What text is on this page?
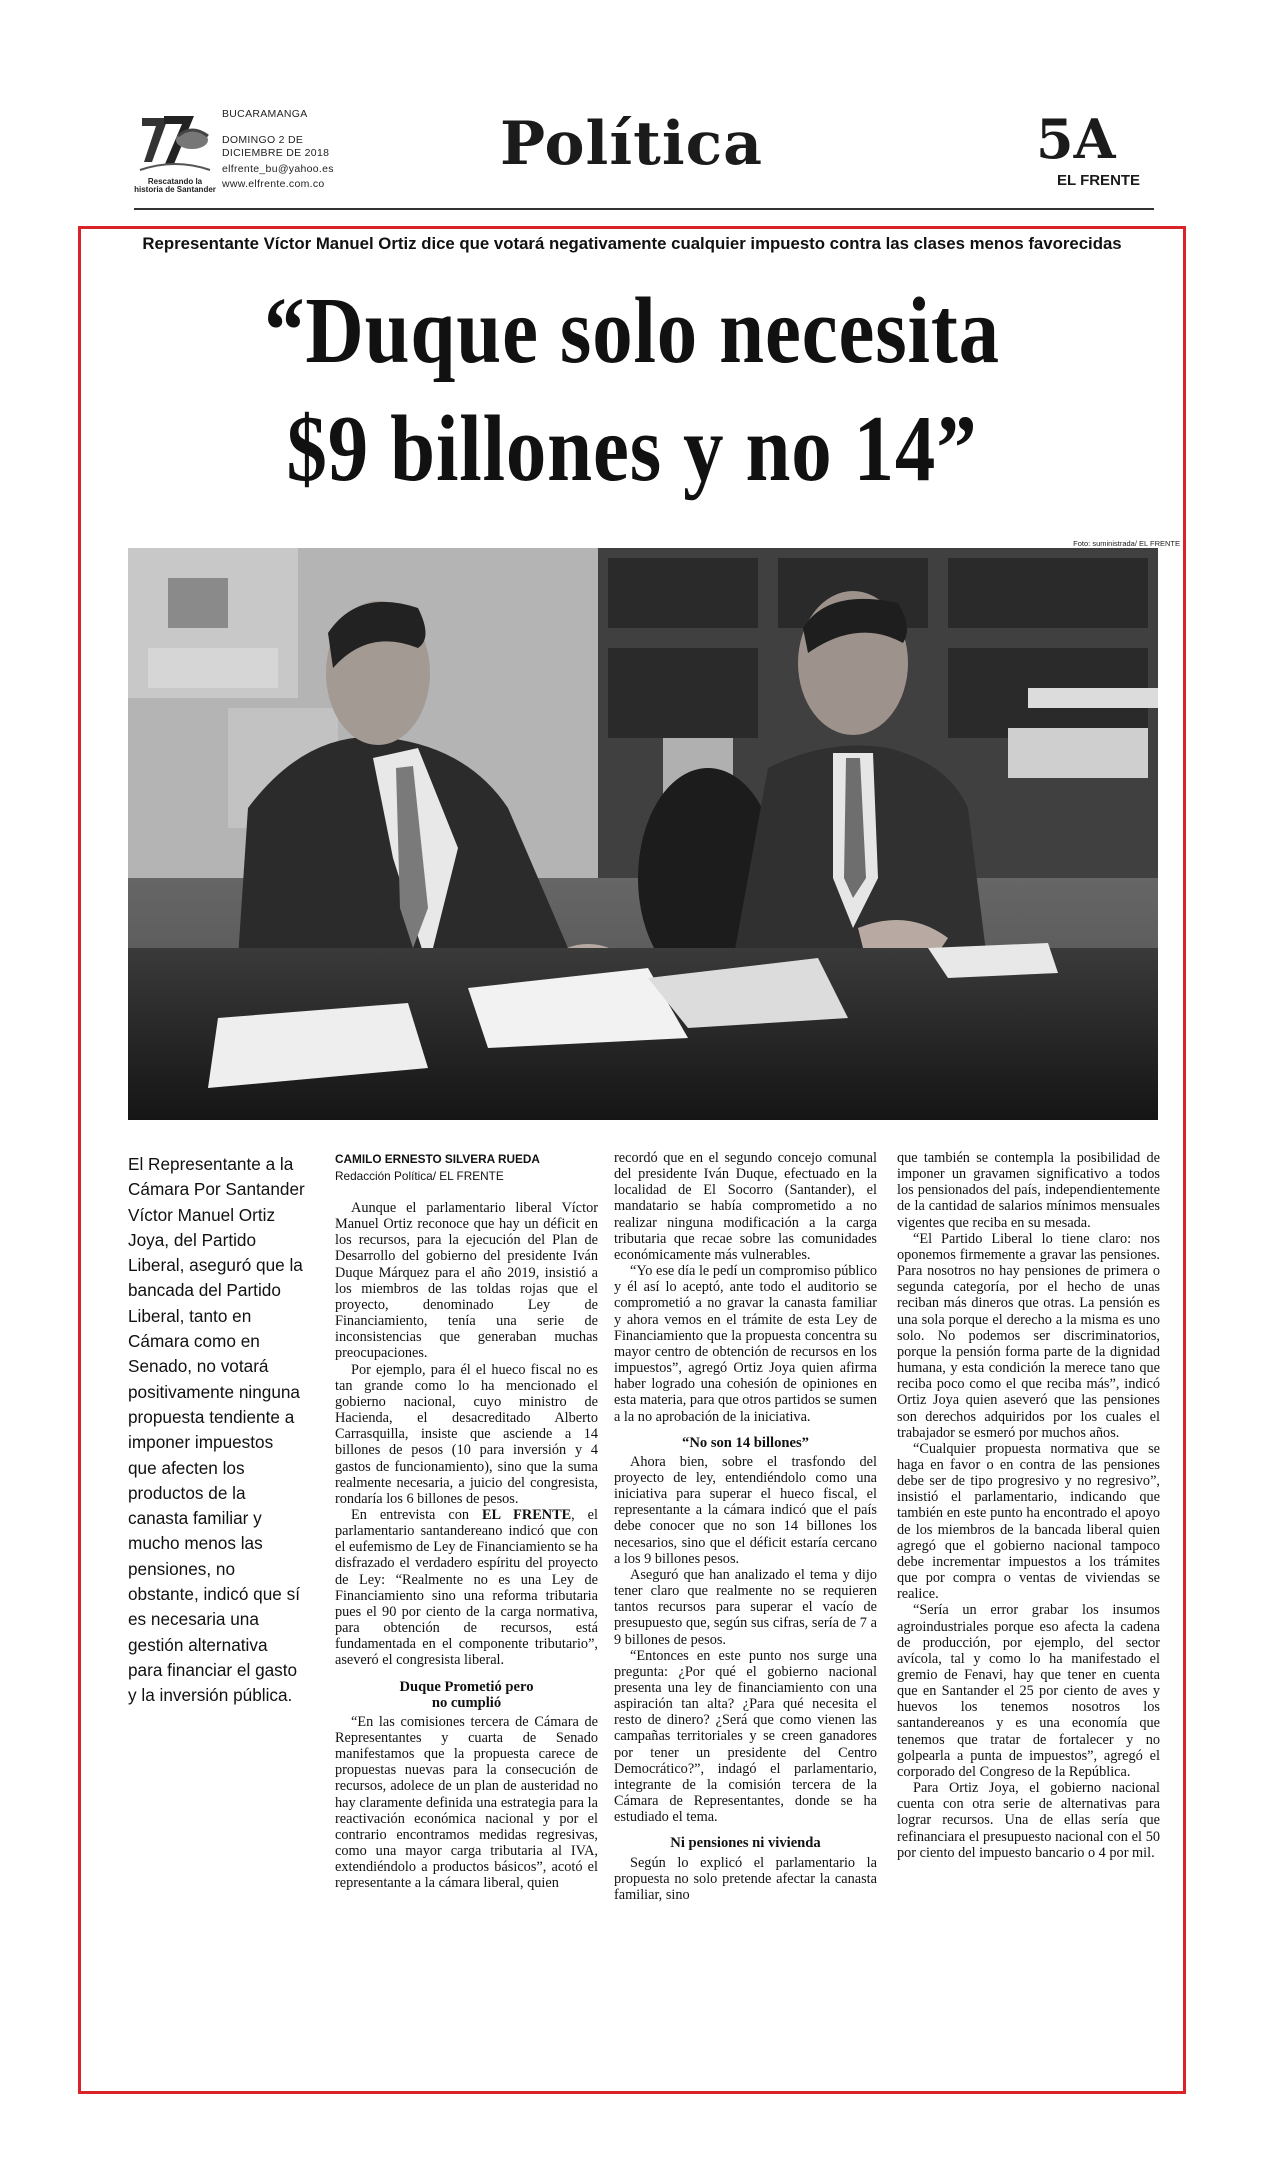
Rescatando la historia de Santander
BUCARAMANGA
DOMINGO 2 DE DICIEMBRE DE 2018
elfrente_bu@yahoo.es
www.elfrente.com.co
Política	5A
EL FRENTE
Representante Víctor Manuel Ortiz dice que votará negativamente cualquier impuesto contra las clases menos favorecidas
“Duque solo necesita
$9 billones y no 14”
Foto: suministrada/ EL FRENTE
El Representante a la Cámara Por Santander Víctor Manuel Ortiz Joya, del Partido Liberal, aseguró que la bancada del Partido Liberal, tanto en Cámara como en Senado, no votará positivamente ninguna propuesta tendiente a imponer impuestos que afecten los productos de la canasta familiar y mucho menos las pensiones, no obstante, indicó que sí es necesaria una gestión alternativa para financiar el gasto y la inversión pública.
CAMILO ERNESTO SILVERA RUEDA
Redacción Política/ EL FRENTE

Aunque el parlamentario liberal Víctor Manuel Ortiz reconoce que hay un déficit en los recursos, para la ejecución del Plan de Desarrollo del gobierno del presidente Iván Duque Márquez para el año 2019, insistió a los miembros de las toldas rojas que el proyecto, denominado Ley de Financiamiento, tenía una serie de inconsistencias que generaban muchas preocupaciones.

Por ejemplo, para él el hueco fiscal no es tan grande como lo ha mencionado el gobierno nacional, cuyo ministro de Hacienda, el desacreditado Alberto Carrasquilla, insiste que asciende a 14 billones de pesos (10 para inversión y 4 gastos de funcionamiento), sino que la suma realmente necesaria, a juicio del congresista, rondaría los 6 billones de pesos.

En entrevista con EL FRENTE, el parlamentario santandereano indicó que con el eufemismo de Ley de Financiamiento se ha disfrazado el verdadero espíritu del proyecto de Ley: “Realmente no es una Ley de Financiamiento sino una reforma tributaria pues el 90 por ciento de la carga normativa, para obtención de recursos, está fundamentada en el componente tributario”, aseveró el congresista liberal.

Duque Prometió pero no cumplió

“En las comisiones tercera de Cámara de Representantes y cuarta de Senado manifestamos que la propuesta carece de propuestas nuevas para la consecución de recursos, adolece de un plan de austeridad no hay claramente definida una estrategia para la reactivación económica nacional y por el contrario encontramos medidas regresivas, como una mayor carga tributaria al IVA, extendiéndolo a productos básicos”, acotó el representante a la cámara liberal, quien

recordó que en el segundo concejo comunal del presidente Iván Duque, efectuado en la localidad de El Socorro (Santander), el mandatario se había comprometido a no realizar ninguna modificación a la carga tributaria que recae sobre las comunidades económicamente más vulnerables.

“Yo ese día le pedí un compromiso público y él así lo aceptó, ante todo el auditorio se comprometió a no gravar la canasta familiar y ahora vemos en el trámite de esta Ley de Financiamiento que la propuesta concentra su mayor centro de obtención de recursos en los impuestos”, agregó Ortiz Joya quien afirma haber logrado una cohesión de opiniones en esta materia, para que otros partidos se sumen a la no aprobación de la iniciativa.

“No son 14 billones”

Ahora bien, sobre el trasfondo del proyecto de ley, entendiéndolo como una iniciativa para superar el hueco fiscal, el representante a la cámara indicó que el país debe conocer que no son 14 billones los necesarios, sino que el déficit estaría cercano a los 9 billones pesos.

Aseguró que han analizado el tema y dijo tener claro que realmente no se requieren tantos recursos para superar el vacío de presupuesto que, según sus cifras, sería de 7 a 9 billones de pesos.

“Entonces en este punto nos surge una pregunta: ¿Por qué el gobierno nacional presenta una ley de financiamiento con una aspiración tan alta? ¿Para qué necesita el resto de dinero? ¿Será que como vienen las campañas territoriales y se creen ganadores por tener un presidente del Centro Democrático?”, indagó el parlamentario, integrante de la comisión tercera de la Cámara de Representantes, donde se ha estudiado el tema.

Ni pensiones ni vivienda

Según lo explicó el parlamentario la propuesta no solo pretende afectar la canasta familiar, sino

que también se contempla la posibilidad de imponer un gravamen significativo a todos los pensionados del país, independientemente de la cantidad de salarios mínimos mensuales vigentes que reciba en su mesada.

“El Partido Liberal lo tiene claro: nos oponemos firmemente a gravar las pensiones. Para nosotros no hay pensiones de primera o segunda categoría, por el hecho de unas reciban más dineros que otras. La pensión es una sola porque el derecho a la misma es uno solo. No podemos ser discriminatorios, porque la pensión forma parte de la dignidad humana, y esta condición la merece tano que reciba poco como el que reciba más”, indicó Ortiz Joya quien aseveró que las pensiones son derechos adquiridos por los cuales el trabajador se esmeró por muchos años.

“Cualquier propuesta normativa que se haga en favor o en contra de las pensiones debe ser de tipo progresivo y no regresivo”, insistió el parlamentario, indicando que también en este punto ha encontrado el apoyo de los miembros de la bancada liberal quien agregó que el gobierno nacional tampoco debe incrementar impuestos a los trámites que por compra o ventas de viviendas se realice.

“Sería un error grabar los insumos agroindustriales porque eso afecta la cadena de producción, por ejemplo, del sector avícola, tal y como lo ha manifestado el gremio de Fenavi, hay que tener en cuenta que en Santander el 25 por ciento de aves y huevos los tenemos nosotros los santandereanos y es una economía que tenemos que tratar de fortalecer y no golpearla a punta de impuestos”, agregó el corporado del Congreso de la República.

Para Ortiz Joya, el gobierno nacional cuenta con otra serie de alternativas para lograr recursos. Una de ellas sería que refinanciara el presupuesto nacional con el 50 por ciento del impuesto bancario o 4 por mil.
